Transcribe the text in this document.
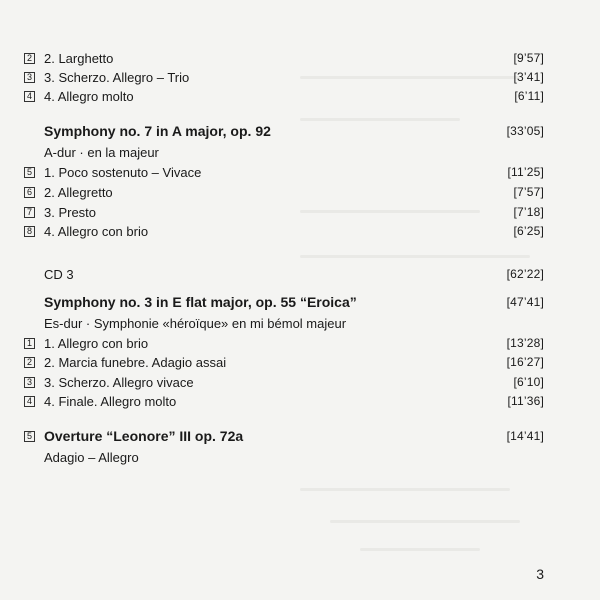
2 2. Larghetto	[9’57]
3 3. Scherzo. Allegro – Trio	[3’41]
4 4. Allegro molto	[6’11]
Symphony no. 7 in A major, op. 92	[33’05]
A-dur · en la majeur
5 1. Poco sostenuto – Vivace	[11’25]
6 2. Allegretto	[7’57]
7 3. Presto	[7’18]
8 4. Allegro con brio	[6’25]
CD 3	[62’22]
Symphony no. 3 in E flat major, op. 55 “Eroica”	[47’41]
Es-dur · Symphonie «héroïque» en mi bémol majeur
1 1. Allegro con brio	[13’28]
2 2. Marcia funebre. Adagio assai	[16’27]
3 3. Scherzo. Allegro vivace	[6’10]
4 4. Finale. Allegro molto	[11’36]
5 Overture “Leonore” III op. 72a	[14’41]
Adagio – Allegro
3
